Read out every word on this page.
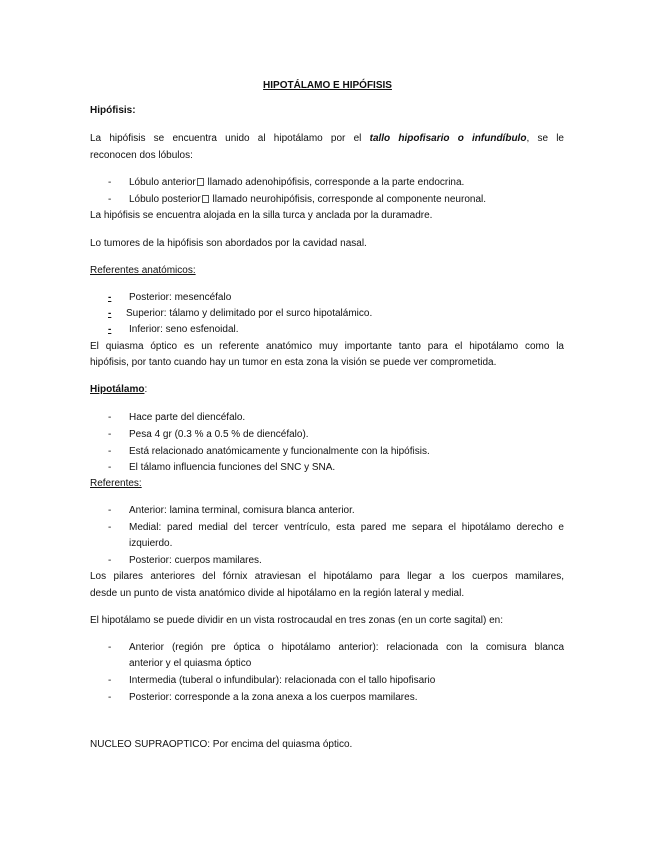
HIPOTÁLAMO E HIPÓFISIS
Hipófisis:
La hipófisis se encuentra unido al hipotálamo por el tallo hipofisario o infundíbulo, se le
reconocen dos lóbulos:
- Lóbulo anterior llamado adenohipófisis, corresponde a la parte endocrina.
- Lóbulo posterior llamado neurohipófisis, corresponde al componente neuronal.
La hipófisis se encuentra alojada en la silla turca y anclada por la duramadre.
Lo tumores de la hipófisis son abordados por la cavidad nasal.
Referentes anatómicos:
-Posterior: mesencéfalo
-Superior: tálamo y delimitado por el surco hipotalámico.
-Inferior: seno esfenoidal.
El quiasma óptico es un referente anatómico muy importante tanto para el hipotálamo como la
hipófisis, por tanto cuando hay un tumor en esta zona la visión se puede ver comprometida.
Hipotálamo:
- Hace parte del diencéfalo.
- Pesa 4 gr (0.3 % a 0.5 % de diencéfalo).
- Está relacionado anatómicamente y funcionalmente con la hipófisis.
- El tálamo influencia funciones del SNC y SNA.
Referentes:
- Anterior: lamina terminal, comisura blanca anterior.
- Medial: pared medial del tercer ventrículo, esta pared me separa el hipotálamo derecho e
izquierdo.
- Posterior: cuerpos mamilares.
Los pilares anteriores del fórnix atraviesan el hipotálamo para llegar a los cuerpos mamilares,
desde un punto de vista anatómico divide al hipotálamo en la región lateral y medial.
El hipotálamo se puede dividir en un vista rostrocaudal en tres zonas (en un corte sagital) en:
- Anterior (región pre óptica o hipotálamo anterior): relacionada con la comisura blanca
anterior y el quiasma óptico
- Intermedia (tuberal o infundibular): relacionada con el tallo hipofisario
- Posterior: corresponde a la zona anexa a los cuerpos mamilares.
NUCLEO SUPRAOPTICO: Por encima del quiasma óptico.
